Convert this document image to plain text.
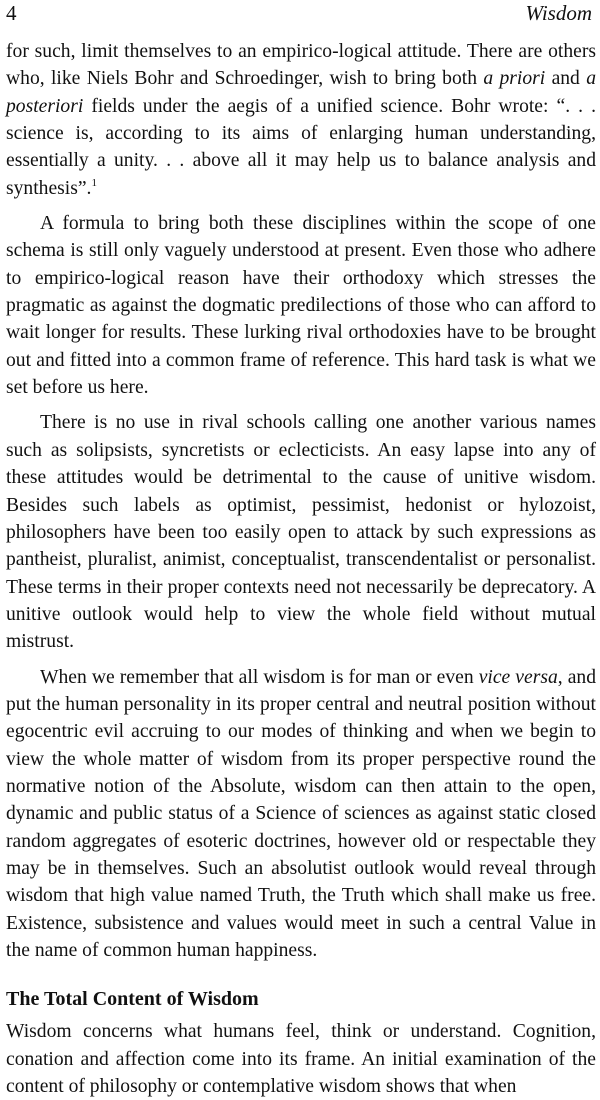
4	Wisdom

for such, limit themselves to an empirico-logical attitude. There are others who, like Niels Bohr and Schroedinger, wish to bring both a priori and a posteriori fields under the aegis of a unified science. Bohr wrote: “. . . science is, according to its aims of enlarging human understanding, essentially a unity. . . above all it may help us to balance analysis and synthesis”.$^1$

A formula to bring both these disciplines within the scope of one schema is still only vaguely understood at present. Even those who adhere to empirico-logical reason have their orthodoxy which stresses the pragmatic as against the dogmatic predilections of those who can afford to wait longer for results. These lurking rival orthodoxies have to be brought out and fitted into a common frame of reference. This hard task is what we set before us here.

There is no use in rival schools calling one another various names such as solipsists, syncretists or eclecticists. An easy lapse into any of these attitudes would be detrimental to the cause of unitive wisdom. Besides such labels as optimist, pessimist, hedonist or hylozoist, philosophers have been too easily open to attack by such expressions as pantheist, pluralist, animist, conceptualist, transcendentalist or personalist. These terms in their proper contexts need not necessarily be deprecatory. A unitive outlook would help to view the whole field without mutual mistrust.

When we remember that all wisdom is for man or even vice versa, and put the human personality in its proper central and neutral position without egocentric evil accruing to our modes of thinking and when we begin to view the whole matter of wisdom from its proper perspective round the normative notion of the Absolute, wisdom can then attain to the open, dynamic and public status of a Science of sciences as against static closed random aggregates of esoteric doctrines, however old or respectable they may be in themselves. Such an absolutist outlook would reveal through wisdom that high value named Truth, the Truth which shall make us free. Existence, subsistence and values would meet in such a central Value in the name of common human happiness.

The Total Content of Wisdom

Wisdom concerns what humans feel, think or understand. Cognition, conation and affection come into its frame. An initial examination of the content of philosophy or contemplative wisdom shows that when
